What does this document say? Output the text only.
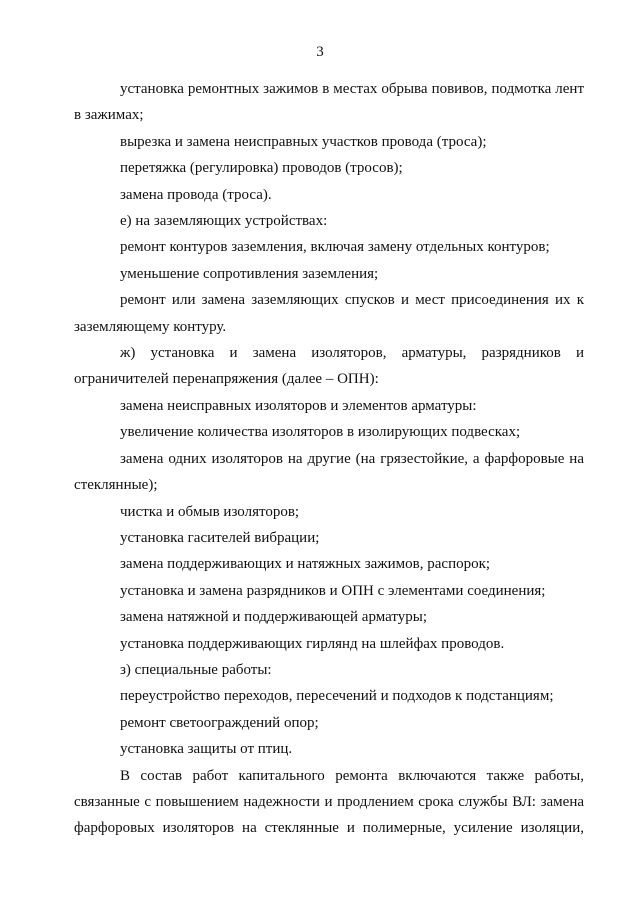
3

установка ремонтных зажимов в местах обрыва повивов, подмотка лент в зажимах;

вырезка и замена неисправных участков провода (троса);

перетяжка (регулировка) проводов (тросов);

замена провода (троса).

е) на заземляющих устройствах:

ремонт контуров заземления, включая замену отдельных контуров;

уменьшение сопротивления заземления;

ремонт или замена заземляющих спусков и мест присоединения их к заземляющему контуру.

ж) установка и замена изоляторов, арматуры, разрядников и ограничителей перенапряжения (далее – ОПН):

замена неисправных изоляторов и элементов арматуры:

увеличение количества изоляторов в изолирующих подвесках;

замена одних изоляторов на другие (на грязестойкие, а фарфоровые на стеклянные);

чистка и обмыв изоляторов;

установка гасителей вибрации;

замена поддерживающих и натяжных зажимов, распорок;

установка и замена разрядников и ОПН с элементами соединения;

замена натяжной и поддерживающей арматуры;

установка поддерживающих гирлянд на шлейфах проводов.

з) специальные работы:

переустройство переходов, пересечений и подходов к подстанциям;

ремонт светоограждений опор;

установка защиты от птиц.

В состав работ капитального ремонта включаются также работы, связанные с повышением надежности и продлением срока службы ВЛ: замена фарфоровых изоляторов на стеклянные и полимерные, усиление изоляции,
